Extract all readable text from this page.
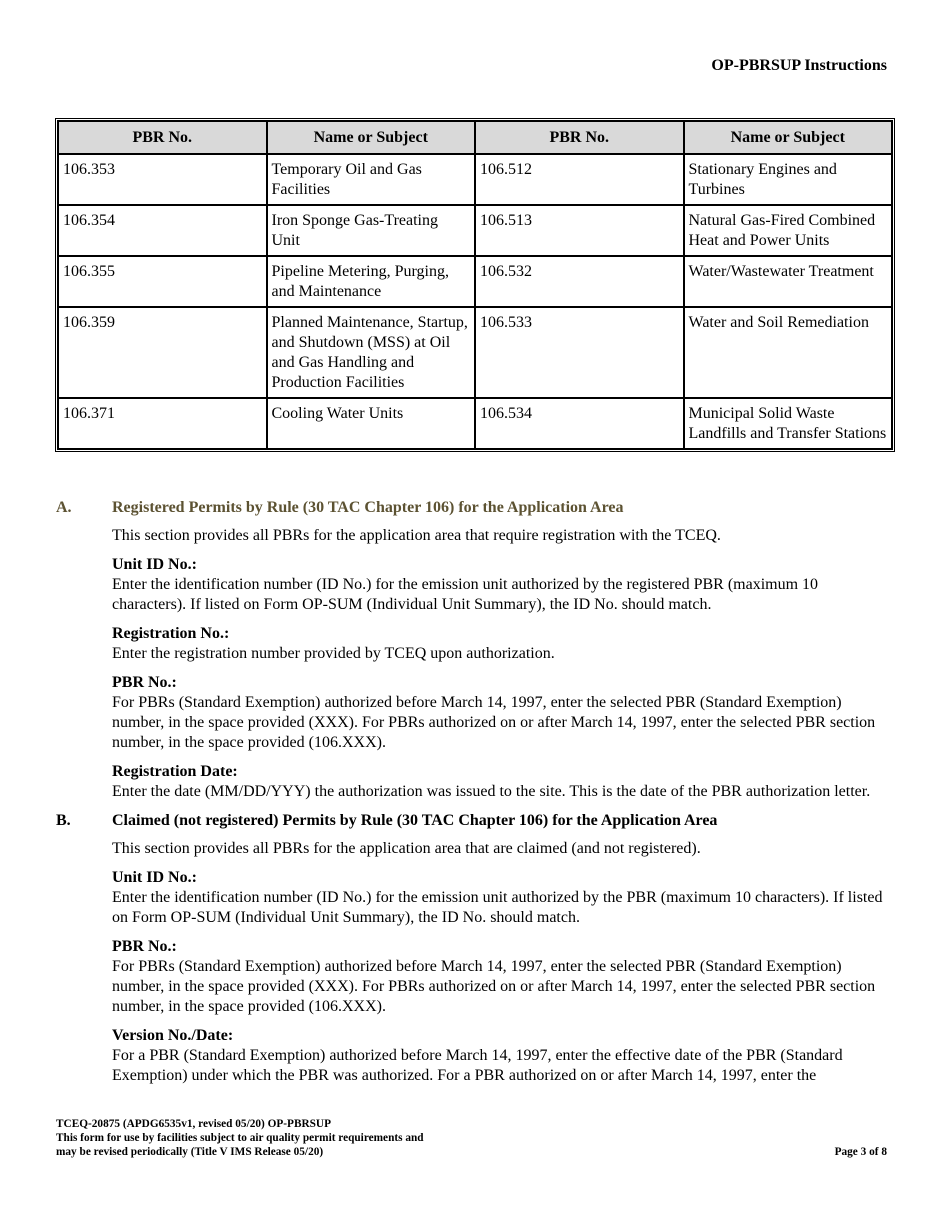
OP-PBRSUP Instructions
PBR No.	Name or Subject	PBR No.	Name or Subject
106.353	Temporary Oil and Gas Facilities	106.512	Stationary Engines and Turbines
106.354	Iron Sponge Gas-Treating Unit	106.513	Natural Gas-Fired Combined Heat and Power Units
106.355	Pipeline Metering, Purging, and Maintenance	106.532	Water/Wastewater Treatment
106.359	Planned Maintenance, Startup, and Shutdown (MSS) at Oil and Gas Handling and Production Facilities	106.533	Water and Soil Remediation
106.371	Cooling Water Units	106.534	Municipal Solid Waste Landfills and Transfer Stations
A.	Registered Permits by Rule (30 TAC Chapter 106) for the Application Area
This section provides all PBRs for the application area that require registration with the TCEQ.
Unit ID No.:
Enter the identification number (ID No.) for the emission unit authorized by the registered PBR (maximum 10 characters). If listed on Form OP-SUM (Individual Unit Summary), the ID No. should match.
Registration No.:
Enter the registration number provided by TCEQ upon authorization.
PBR No.:
For PBRs (Standard Exemption) authorized before March 14, 1997, enter the selected PBR (Standard Exemption) number, in the space provided (XXX). For PBRs authorized on or after March 14, 1997, enter the selected PBR section number, in the space provided (106.XXX).
Registration Date:
Enter the date (MM/DD/YYY) the authorization was issued to the site. This is the date of the PBR authorization letter.
B.	Claimed (not registered) Permits by Rule (30 TAC Chapter 106) for the Application Area
This section provides all PBRs for the application area that are claimed (and not registered).
Unit ID No.:
Enter the identification number (ID No.) for the emission unit authorized by the PBR (maximum 10 characters). If listed on Form OP-SUM (Individual Unit Summary), the ID No. should match.
PBR No.:
For PBRs (Standard Exemption) authorized before March 14, 1997, enter the selected PBR (Standard Exemption) number, in the space provided (XXX). For PBRs authorized on or after March 14, 1997, enter the selected PBR section number, in the space provided (106.XXX).
Version No./Date:
For a PBR (Standard Exemption) authorized before March 14, 1997, enter the effective date of the PBR (Standard Exemption) under which the PBR was authorized. For a PBR authorized on or after March 14, 1997, enter the
TCEQ-20875 (APDG6535v1, revised 05/20) OP-PBRSUP
This form for use by facilities subject to air quality permit requirements and
may be revised periodically (Title V IMS Release 05/20)	Page 3 of 8
